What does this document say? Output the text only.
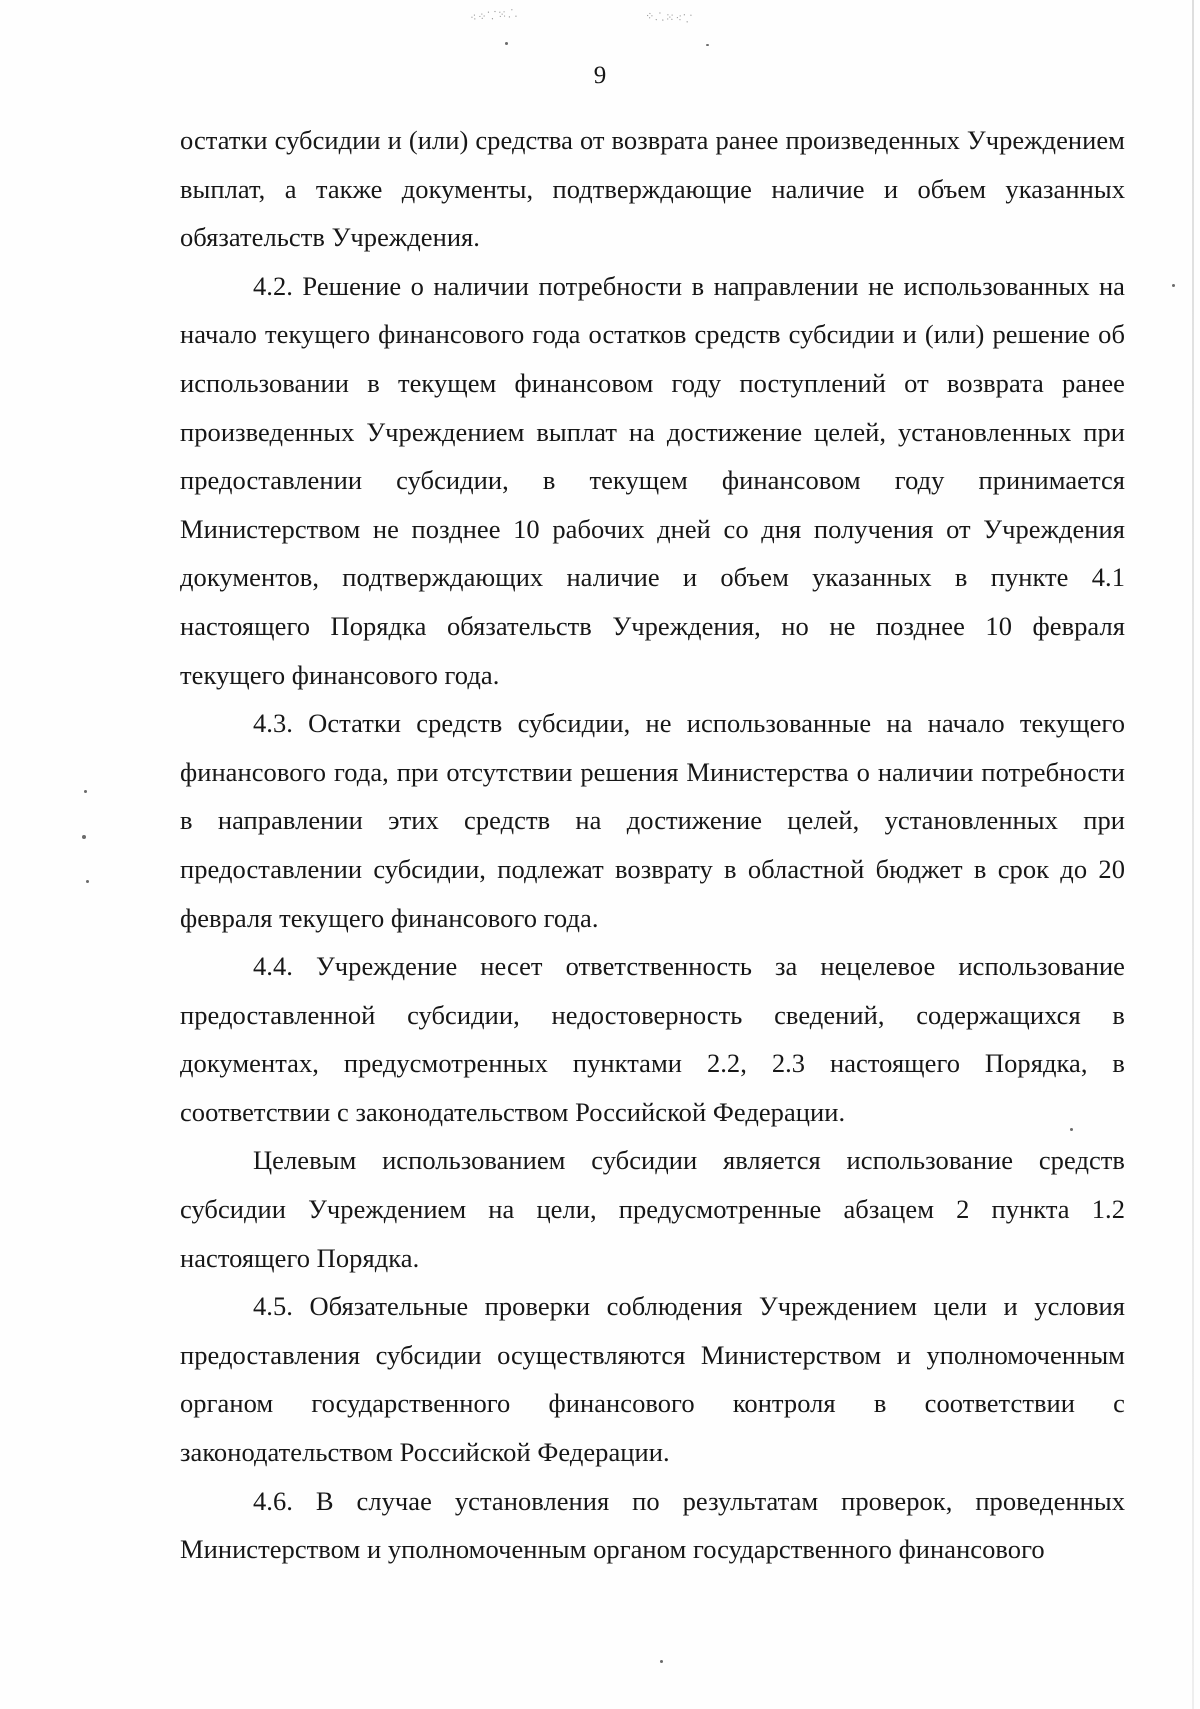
⁖⁘⸪⁙⸫	⁘⸫⁙⁖⸪
9

остатки субсидии и (или) средства от возврата ранее произведенных Учреждением выплат, а также документы, подтверждающие наличие и объем указанных обязательств Учреждения.

4.2. Решение о наличии потребности в направлении не использованных на начало текущего финансового года остатков средств субсидии и (или) решение об использовании в текущем финансовом году поступлений от возврата ранее произведенных Учреждением выплат на достижение целей, установленных при предоставлении субсидии, в текущем финансовом году принимается Министерством не позднее 10 рабочих дней со дня получения от Учреждения документов, подтверждающих наличие и объем указанных в пункте 4.1 настоящего Порядка обязательств Учреждения, но не позднее 10 февраля текущего финансового года.

4.3. Остатки средств субсидии, не использованные на начало текущего финансового года, при отсутствии решения Министерства о наличии потребности в направлении этих средств на достижение целей, установленных при предоставлении субсидии, подлежат возврату в областной бюджет в срок до 20 февраля текущего финансового года.

4.4. Учреждение несет ответственность за нецелевое использование предоставленной субсидии, недостоверность сведений, содержащихся в документах, предусмотренных пунктами 2.2, 2.3 настоящего Порядка, в соответствии с законодательством Российской Федерации.

Целевым использованием субсидии является использование средств субсидии Учреждением на цели, предусмотренные абзацем 2 пункта 1.2 настоящего Порядка.

4.5. Обязательные проверки соблюдения Учреждением цели и условия предоставления субсидии осуществляются Министерством и уполномоченным органом государственного финансового контроля в соответствии с законодательством Российской Федерации.

4.6. В случае установления по результатам проверок, проведенных Министерством и уполномоченным органом государственного финансового
